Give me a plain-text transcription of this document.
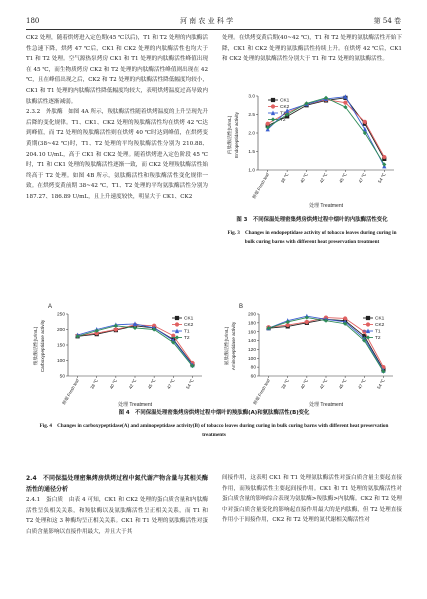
180	河 南 农 业 科 学	第 54 卷

CK2 处理，随着烘烤进入定色期(45 ℃以后)，T1 和 T2 处理的内肽酶活性急速下降，烘烤 47 ℃后，CK1 和 CK2 处理的内肽酶活性也均大于 T1 和 T2 处理。空气源热泵烤房 CK1 和 T1 处理的内肽酶活性峰值出现在 45 ℃，而生物质烤房 CK2 和 T2 处理的内肽酶活性峰值则出现在 42 ℃，且在峰值出现之后，CK2 和 T2 处理的内肽酶活性降低幅度均较小，CK1 和 T1 处理的内肽酶活性降低幅度均较大，表明烘烤温度过高导致内肽酶活性逐渐减弱。

2.3.2　外肽酶　如图 4A 所示，羧肽酶活性随着烘烤温度的上升呈现先升后降的变化规律。T1、CK1、CK2 处理的羧肽酶活性均在烘烤 42 ℃达到峰值，而 T2 处理的羧肽酶活性则在烘烤 40 ℃时达到峰值，在烘烤变黄期(38~42 ℃)时，T1、T2 处理的平均羧肽酶活性分别为 210.88、204.10 U/mL，高于 CK1 和 CK2 处理。随着烘烤进入定色阶段 45 ℃时，T1 和 CK1 处理的羧肽酶活性逐渐一致，而 CK2 处理羧肽酶活性始终高于 T2 处理。如图 4B 所示，氨肽酶活性和羧肽酶活性变化规律一致。在烘烤变黄前期 38~42 ℃，T1、T2 处理的平均氨肽酶活性分别为 187.27、186.89 U/mL，且上升速度较快，明显大于 CK1、CK2

处理。在烘烤变黄后期(40~42 ℃)，T1 和 T2 处理的氨肽酶活性开始下降，CK1 和 CK2 处理的氨肽酶活性持续上升。在烘烤 42 ℃后，CK1 和 CK2 处理的氨肽酶活性分别大于 T1 和 T2 处理的氨肽酶活性。

1.0
1.5
2.0
2.5
3.0
鲜烟 Fresh leaf 38 ℃ 40 ℃ 42 ℃ 45 ℃ 47 ℃ 54 ℃
CK1
CK2
T1
T2
内肽酶活性(U/mL) Endopeptidase activity
处理 Treatment
图 3　不同保温处理密集烤房烘烤过程中烟叶的内肽酶活性变化
Fig. 3　Changes in endopeptidase activity of tobacco leaves during curing in bulk curing barns with different heat preservation treatment
A
50
100
150
200
250
鲜烟 Fresh leaf 38 ℃ 40 ℃ 42 ℃ 45 ℃ 47 ℃ 54 ℃
CK1
CK2
T1
T2
羧肽酶活性(U/mL) Carboxypeptidase activity
处理 Treatment
B
60
80
100
120
140
160
180
200
鲜烟 Fresh leaf 38 ℃ 40 ℃ 42 ℃ 45 ℃ 47 ℃ 54 ℃
CK1
CK2
T1
T2
氨肽酶活性(U/mL) Aminopeptidase activity
处理 Treatment
图 4　不同保温处理密集烤房烘烤过程中烟叶的羧肽酶(A)和氨肽酶活性(B)变化
Fig. 4　Changes in carboxypeptidase(A) and aminopeptidase activity(B) of tobacco leaves during curing in bulk curing barns with different heat preservation treatments

2.4　不同保温处理密集烤房烘烤过程中氮代谢产物含量与其相关酶活性的通径分析

2.4.1　蛋白质　由表 4 可知，CK1 和 CK2 处理的蛋白质含量和内肽酶活性呈负相关关系，和羧肽酶以及氨肽酶活性呈正相关关系，而 T1 和 T2 处理和这 3 种酶均呈正相关关系。CK1 和 T1 处理的氨肽酶活性对蛋白质含量影响以直接作用最大，并且大于其

间接作用，这表明 CK1 和 T1 处理氨肽酶活性对蛋白质含量主要起直接作用，而羧肽酶活性主要起间接作用。CK1 和 T1 处理的氨肽酶活性对蛋白质含量的影响综合表现为氨肽酶>羧肽酶>内肽酶。CK2 和 T2 处理中对蛋白质含量变化的影响起直接作用最大的是内肽酶，但 T2 处理直接作用小于间接作用，CK2 和 T2 处理的氮代谢相关酶活性对
